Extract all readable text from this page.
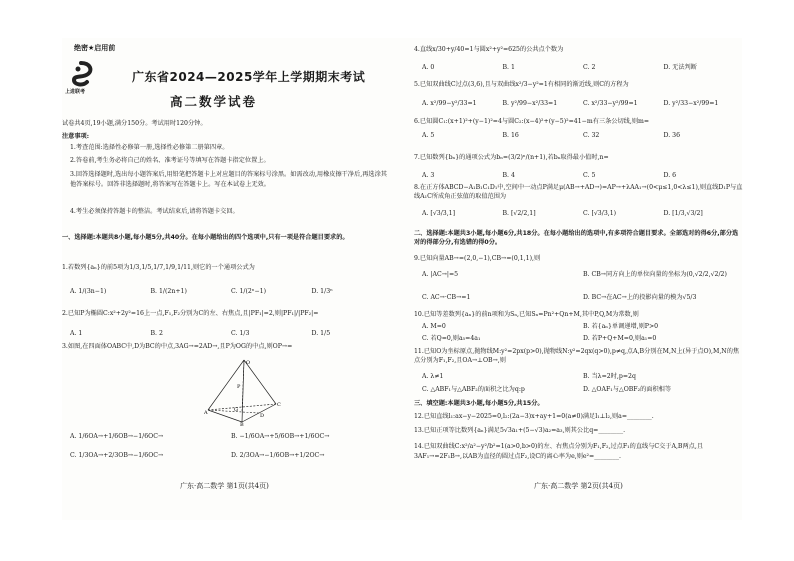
绝密★启用前
上进联考
广东省2024—2025学年上学期期末考试
高二数学试卷
试卷共4页,19小题,满分150分。考试用时120分钟。
注意事项:
1.考查范围:选择性必修第一册,选择性必修第二册第四章。
2.答卷前,考生务必将自己的姓名、准考证号等填写在答题卡指定位置上。
3.回答选择题时,选出每小题答案后,用铅笔把答题卡上对应题目的答案标号涂黑。如需改动,用橡皮擦干净后,再选涂其他答案标号。回答非选择题时,将答案写在答题卡上。写在本试卷上无效。
4.考生必须保持答题卡的整洁。考试结束后,请将答题卡交回。
一、选择题:本题共8小题,每小题5分,共40分。在每小题给出的四个选项中,只有一项是符合题目要求的。
1.若数列{aₙ}的前5项为1/3,1/5,1/7,1/9,1/11,则它的一个通项公式为
A. 1/(3n−1)	B. 1/(2n+1)	C. 1/(2ⁿ−1)	D. 1/3ⁿ
2.已知P为椭圆C:x²+2y²=16上一点,F₁,F₂分别为C的左、右焦点,且|PF₁|=2,则|PF₁|/|PF₂|=
A. 1	B. 2	C. 1/3	D. 1/5
3.如图,在四面体OABC中,D为BC的中点,3AG→=2AD→,且P为OG的中点,则OP→=
O
A
B
C
D
G
P
A. 1/6OA→+1/6OB→−1/6OC→	B. −1/6OA→+5/6OB→+1/6OC→
C. 1/3OA→+2/3OB→−1/6OC→	D. 2/3OA→−1/6OB→+1/2OC→
广东·高二数学 第1页(共4页)
4.直线x/30+y/40=1与圆x²+y²=625的公共点个数为
A. 0	B. 1	C. 2	D. 无法判断
5.已知双曲线C过点(3,6),且与双曲线x²/3−y²=1有相同的渐近线,则C的方程为
A. x²/99−y²/33=1	B. y²/99−x²/33=1	C. x²/33−y²/99=1	D. y²/33−x²/99=1
6.已知圆C₁:(x+1)²+(y−1)²=4与圆C₂:(x−4)²+(y−5)²=41−m有三条公切线,则m=
A. 5	B. 16	C. 32	D. 36
7.已知数列{bₙ}的通项公式为bₙ=(3/2)ⁿ/(n+1),若bₙ取得最小值时,n=
A. 3	B. 4	C. 5	D. 6
8.在正方体ABCD−A₁B₁C₁D₁中,空间中一动点P满足μ(AB→+AD→)=AP→+λAA₁→(0<μ≤1,0<λ≤1),则直线D₁P与直线A₁C所成角正弦值的取值范围为
A. [√3/3,1]	B. [√2/2,1]	C. [√3/3,1)	D. [1/3,√3/2]
二、选择题:本题共3小题,每小题6分,共18分。在每小题给出的选项中,有多项符合题目要求。全部选对的得6分,部分选对的得部分分,有选错的得0分。
9.已知向量AB→=(2,0,−1),CB→=(0,1,1),则
A. |AC→|=5	B. CB→同方向上的单位向量的坐标为(0,√2/2,√2/2)
C. AC→·CB→=1	D. BC→在AC→上的投影向量的模为√5/3
10.已知等差数列{aₙ}的前n项和为Sₙ,已知Sₙ=Pn²+Qn+M,其中P,Q,M为常数,则
A. M=0	B. 若{aₙ}单调递增,则P>0
C. 若Q=0,则a₅=4a₁	D. 若P+Q+M=0,则a₁=0
11.已知O为坐标原点,抛物线M:y²=2px(p>0),抛物线N:y²=2qx(q>0),p≠q,点A,B分别在M,N上(异于点O),M,N的焦点分别为F₁,F₂,且OA→⊥OB→,则
A. λ≠1	B. 当λ=2时,p=2q
C. △ABF₁与△ABF₂的面积之比为q:p	D. △OAF₁与△OBF₂的面积相等
三、填空题:本题共3小题,每小题5分,共15分。
12.已知直线l₁:ax−y−2025=0,l₂:(2a−3)x+ay+1=0(a≠0)满足l₁⊥l₂,则a=________.
13.已知正项等比数列{aₙ}满足5√3a₁+(5−√3)a₂=a₃,则其公比q=________.
14.已知双曲线C:x²/a²−y²/b²=1(a>0,b>0)的左、右焦点分别为F₁,F₂,过点F₁的直线与C交于A,B两点,且3AF₁→=2F₁B→,以AB为直径的圆过点F₂,设C的离心率为e,则e²=________.
广东·高二数学 第2页(共4页)
